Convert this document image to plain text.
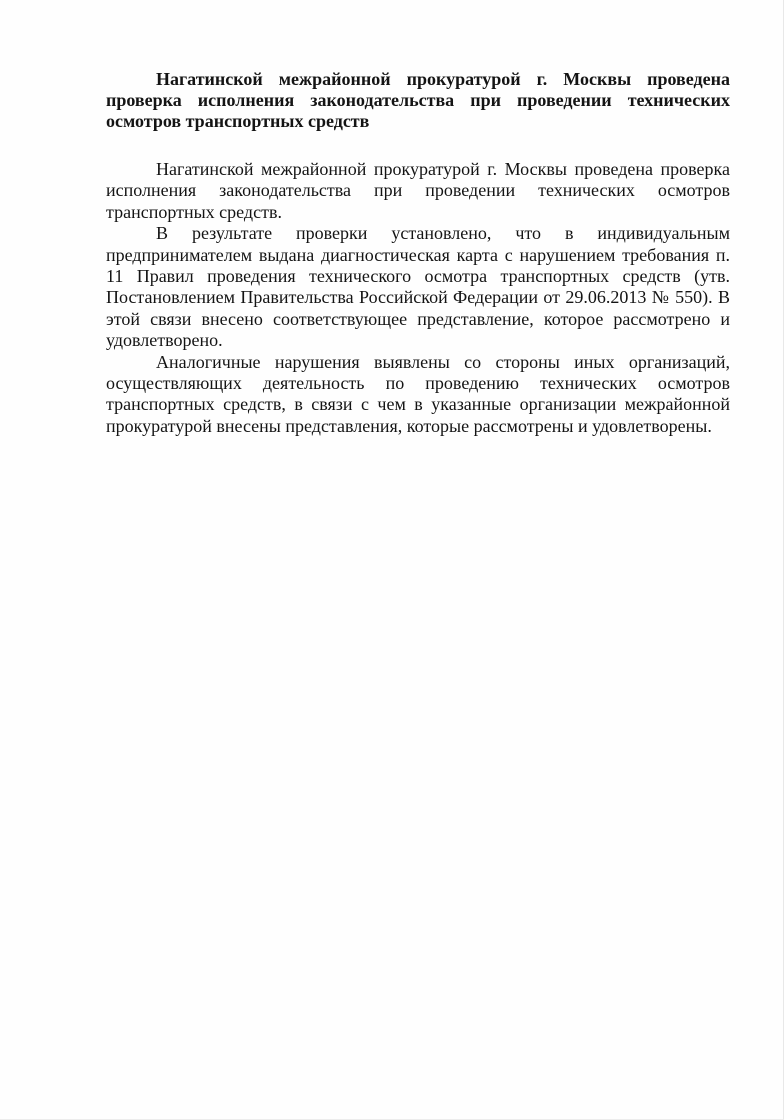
Нагатинской межрайонной прокуратурой г. Москвы проведена проверка исполнения законодательства при проведении технических осмотров транспортных средств

Нагатинской межрайонной прокуратурой г. Москвы проведена проверка исполнения законодательства при проведении технических осмотров транспортных средств.

В результате проверки установлено, что в индивидуальным предпринимателем выдана диагностическая карта с нарушением требования п. 11 Правил проведения технического осмотра транспортных средств (утв. Постановлением Правительства Российской Федерации от 29.06.2013 № 550). В этой связи внесено соответствующее представление, которое рассмотрено и удовлетворено.

Аналогичные нарушения выявлены со стороны иных организаций, осуществляющих деятельность по проведению технических осмотров транспортных средств, в связи с чем в указанные организации межрайонной прокуратурой внесены представления, которые рассмотрены и удовлетворены.
